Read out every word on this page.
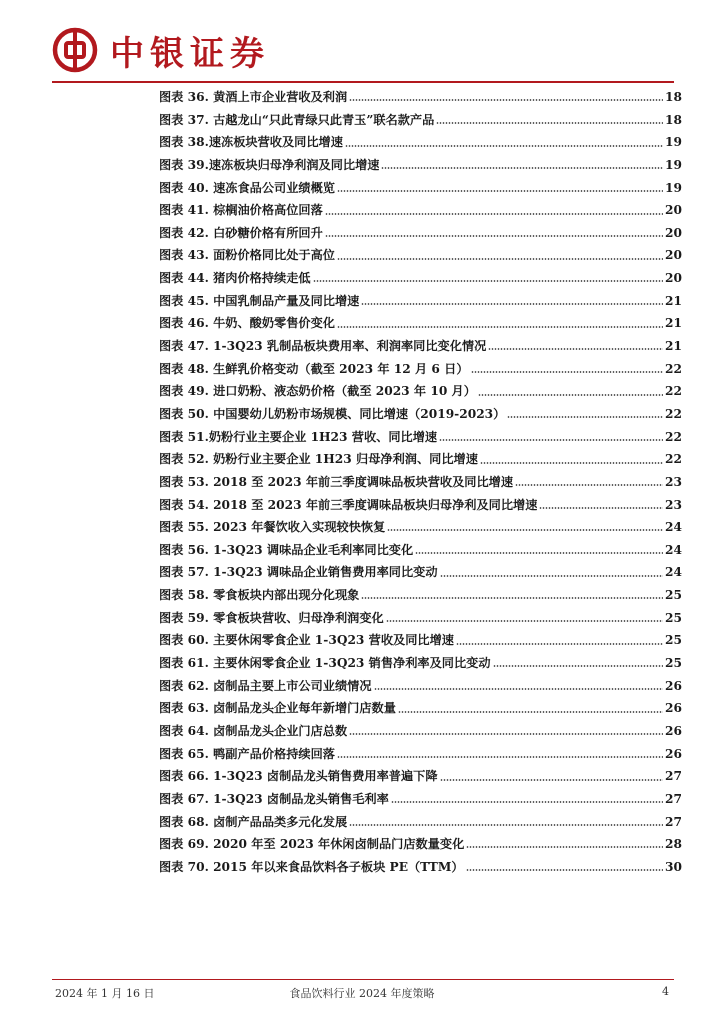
中银证券
图表 36. 黄酒上市企业营收及利润	18
图表 37. 古越龙山“只此青绿只此青玉”联名款产品	18
图表 38.速冻板块营收及同比增速	19
图表 39.速冻板块归母净利润及同比增速	19
图表 40. 速冻食品公司业绩概览	19
图表 41. 棕榈油价格高位回落	20
图表 42. 白砂糖价格有所回升	20
图表 43. 面粉价格同比处于高位	20
图表 44. 猪肉价格持续走低	20
图表 45. 中国乳制品产量及同比增速	21
图表 46. 牛奶、酸奶零售价变化	21
图表 47. 1-3Q23 乳制品板块费用率、利润率同比变化情况	21
图表 48. 生鲜乳价格变动（截至 2023 年 12 月 6 日）	22
图表 49. 进口奶粉、液态奶价格（截至 2023 年 10 月）	22
图表 50. 中国婴幼儿奶粉市场规模、同比增速（2019-2023）	22
图表 51.奶粉行业主要企业 1H23 营收、同比增速	22
图表 52. 奶粉行业主要企业 1H23 归母净利润、同比增速	22
图表 53. 2018 至 2023 年前三季度调味品板块营收及同比增速	23
图表 54. 2018 至 2023 年前三季度调味品板块归母净利及同比增速	23
图表 55. 2023 年餐饮收入实现较快恢复	24
图表 56. 1-3Q23 调味品企业毛利率同比变化	24
图表 57. 1-3Q23 调味品企业销售费用率同比变动	24
图表 58. 零食板块内部出现分化现象	25
图表 59. 零食板块营收、归母净利润变化	25
图表 60. 主要休闲零食企业 1-3Q23 营收及同比增速	25
图表 61. 主要休闲零食企业 1-3Q23 销售净利率及同比变动	25
图表 62. 卤制品主要上市公司业绩情况	26
图表 63. 卤制品龙头企业每年新增门店数量	26
图表 64. 卤制品龙头企业门店总数	26
图表 65. 鸭副产品价格持续回落	26
图表 66. 1-3Q23 卤制品龙头销售费用率普遍下降	27
图表 67. 1-3Q23 卤制品龙头销售毛利率	27
图表 68. 卤制产品品类多元化发展	27
图表 69. 2020 年至 2023 年休闲卤制品门店数量变化	28
图表 70. 2015 年以来食品饮料各子板块 PE（TTM）	30
2024 年 1 月 16 日	食品饮料行业 2024 年度策略	4
